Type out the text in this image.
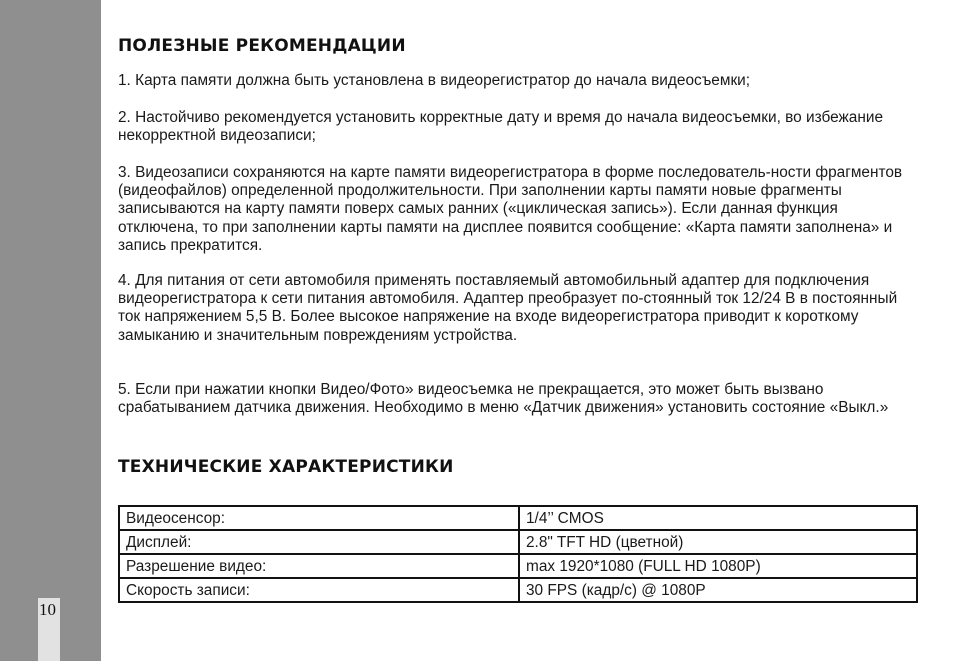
10
ПОЛЕЗНЫЕ РЕКОМЕНДАЦИИ

1. Карта памяти должна быть установлена в видеорегистратор до начала видеосъемки;

2. Настойчиво рекомендуется установить корректные дату и время до начала видеосъемки, во избежание некорректной видеозаписи;

3. Видеозаписи сохраняются на карте памяти видеорегистратора в форме последователь-ности фрагментов (видеофайлов) определенной продолжительности. При заполнении карты памяти новые фрагменты записываются на карту памяти поверх самых ранних («циклическая запись»). Если данная функция отключена, то при заполнении карты памяти на дисплее появится сообщение: «Карта памяти заполнена» и запись прекратится.

4. Для питания от сети автомобиля применять поставляемый автомобильный адаптер для подключения видеорегистратора к сети питания автомобиля. Адаптер преобразует по-стоянный ток 12/24 В в постоянный ток напряжением 5,5 В. Более высокое напряжение на входе видеорегистратора приводит к короткому замыканию и значительным повреждениям устройства.

5. Если при нажатии кнопки Видео/Фото» видеосъемка не прекращается, это может быть вызвано срабатыванием датчика движения. Необходимо в меню «Датчик движения» установить состояние «Выкл.»

ТЕХНИЧЕСКИЕ ХАРАКТЕРИСТИКИ
Видеосенсор:	1/4’’ CMOS
Дисплей:	2.8" TFT HD (цветной)
Разрешение видео:	max 1920*1080 (FULL HD 1080P)
Скорость записи:	30 FPS (кадр/с) @ 1080P
